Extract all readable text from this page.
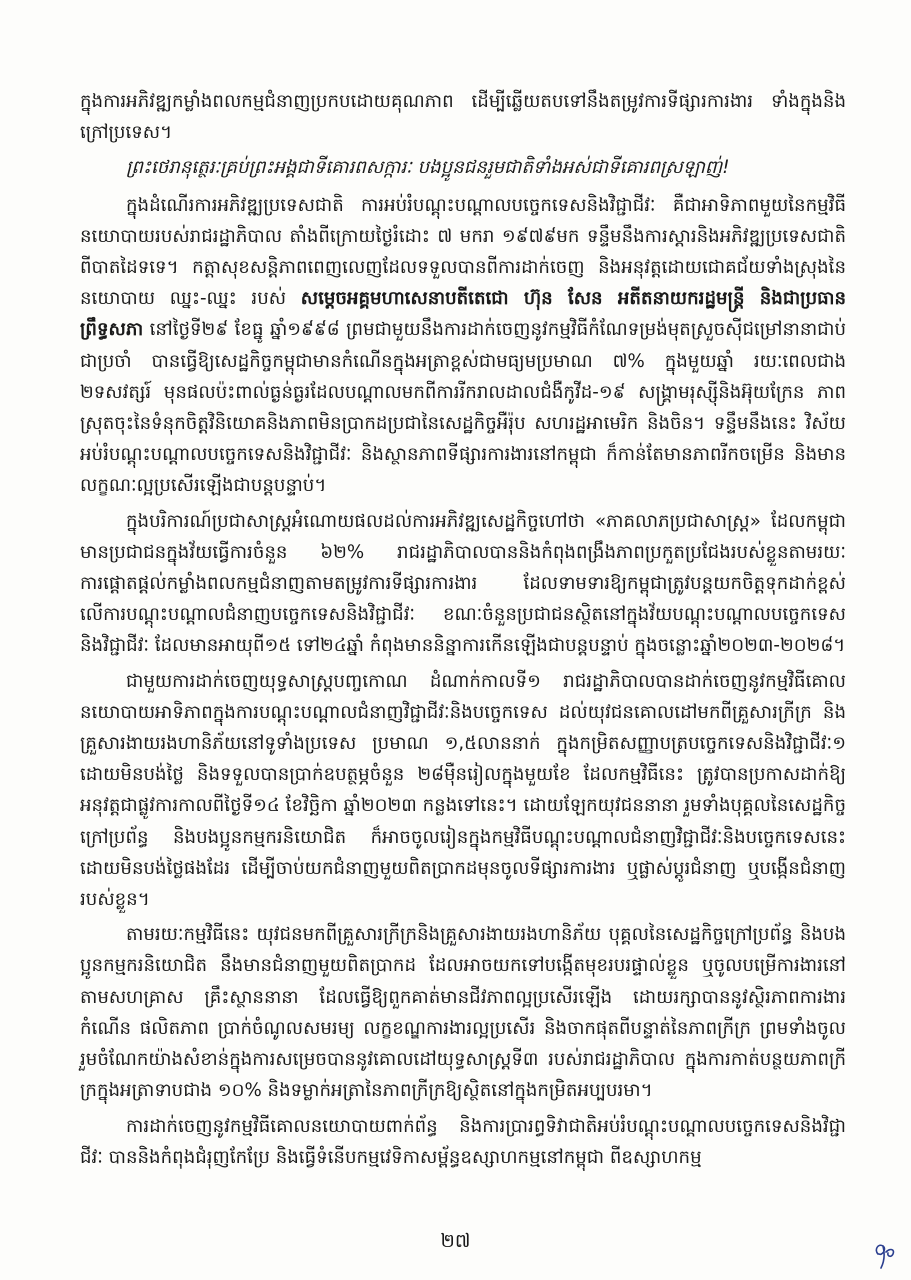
ក្នុងការអភិវឌ្ឍកម្លាំងពលកម្មជំនាញប្រកបដោយគុណភាព ដើម្បីឆ្លើយតបទៅនឹងតម្រូវការទីផ្សារការងារ ទាំងក្នុងនិងក្រៅប្រទេស។

ព្រះថេរានុត្ថេរៈគ្រប់ព្រះអង្គជាទីគោរពសក្ការៈ បងប្អូនជនរួមជាតិទាំងអស់ជាទីគោរពស្រឡាញ់!

ក្នុងដំណើរការអភិវឌ្ឍប្រទេសជាតិ ការអប់រំបណ្តុះបណ្តាលបច្ចេកទេសនិងវិជ្ជាជីវៈ គឺជាអាទិភាពមួយនៃកម្មវិធីនយោបាយរបស់រាជរដ្ឋាភិបាល តាំងពីក្រោយថ្ងៃរំដោះ ៧ មករា ១៩៧៩មក ទន្ទឹមនឹងការស្តារនិងអភិវឌ្ឍប្រទេសជាតិពីបាតដៃទទេ។ កត្តាសុខសន្តិភាពពេញលេញដែលទទួលបានពីការដាក់ចេញ និងអនុវត្តដោយជោគជ័យទាំងស្រុងនៃនយោបាយ ឈ្នះ-ឈ្នះ របស់ សម្តេចអគ្គមហាសេនាបតីតេជោ ហ៊ុន សែន អតីតនាយករដ្ឋមន្ត្រី និងជាប្រធានព្រឹទ្ធសភា នៅថ្ងៃទី២៩ ខែធ្នូ ឆ្នាំ១៩៩៨ ព្រមជាមួយនឹងការដាក់ចេញនូវកម្មវិធីកំណែទម្រង់មុតស្រួចស៊ីជម្រៅនានាជាប់ជាប្រចាំ បានធ្វើឱ្យសេដ្ឋកិច្ចកម្ពុជាមានកំណើនក្នុងអត្រាខ្ពស់ជាមធ្យមប្រមាណ ៧% ក្នុងមួយឆ្នាំ រយៈពេលជាង ២ទសវត្សរ៍ មុនផលប៉ះពាល់ធ្ងន់ធ្ងរដែលបណ្តាលមកពីការរីករាលដាលជំងឺកូវីដ-១៩ សង្គ្រាមរុស្ស៊ីនិងអ៊ុយក្រែន ភាពស្រុតចុះនៃទំនុកចិត្តវិនិយោគនិងភាពមិនប្រាកដប្រជានៃសេដ្ឋកិច្ចអឺរ៉ុប សហរដ្ឋអាមេរិក និងចិន។ ទន្ទឹមនឹងនេះ វិស័យអប់រំបណ្តុះបណ្តាលបច្ចេកទេសនិងវិជ្ជាជីវៈ និងស្ថានភាពទីផ្សារការងារនៅកម្ពុជា ក៏កាន់តែមានភាពរីកចម្រើន និងមានលក្ខណៈល្អប្រសើរឡើងជាបន្តបន្ទាប់។

ក្នុងបរិការណ៍ប្រជាសាស្ត្រអំណោយផលដល់ការអភិវឌ្ឍសេដ្ឋកិច្ចហៅថា «ភាគលាភប្រជាសាស្ត្រ» ដែលកម្ពុជាមានប្រជាជនក្នុងវ័យធ្វើការចំនួន ៦២% រាជរដ្ឋាភិបាលបាននិងកំពុងពង្រឹងភាពប្រកួតប្រជែងរបស់ខ្លួនតាមរយៈការផ្តោតផ្តល់កម្លាំងពលកម្មជំនាញតាមតម្រូវការទីផ្សារការងារ ដែលទាមទារឱ្យកម្ពុជាត្រូវបន្តយកចិត្តទុកដាក់ខ្ពស់លើការបណ្តុះបណ្តាលជំនាញបច្ចេកទេសនិងវិជ្ជាជីវៈ ខណៈចំនួនប្រជាជនស្ថិតនៅក្នុងវ័យបណ្តុះបណ្តាលបច្ចេកទេសនិងវិជ្ជាជីវៈ ដែលមានអាយុពី១៥ ទៅ២៤ឆ្នាំ កំពុងមាននិន្នាការកើនឡើងជាបន្តបន្ទាប់ ក្នុងចន្លោះឆ្នាំ២០២៣-២០២៨។

ជាមួយការដាក់ចេញយុទ្ធសាស្ត្របញ្ចកោណ ដំណាក់កាលទី១ រាជរដ្ឋាភិបាលបានដាក់ចេញនូវកម្មវិធីគោលនយោបាយអាទិភាពក្នុងការបណ្តុះបណ្តាលជំនាញវិជ្ជាជីវៈនិងបច្ចេកទេស ដល់យុវជនគោលដៅមកពីគ្រួសារក្រីក្រ និងគ្រួសារងាយរងហានិភ័យនៅទូទាំងប្រទេស ប្រមាណ ១,៥លាននាក់ ក្នុងកម្រិតសញ្ញាបត្របច្ចេកទេសនិងវិជ្ជាជីវៈ១ ដោយមិនបង់ថ្លៃ និងទទួលបានប្រាក់ឧបត្ថម្ភចំនួន ២៨ម៉ឺនរៀលក្នុងមួយខែ ដែលកម្មវិធីនេះ ត្រូវបានប្រកាសដាក់ឱ្យអនុវត្តជាផ្លូវការកាលពីថ្ងៃទី១៤ ខែវិច្ឆិកា ឆ្នាំ២០២៣ កន្លងទៅនេះ។ ដោយឡែកយុវជននានា រួមទាំងបុគ្គលនៃសេដ្ឋកិច្ចក្រៅប្រព័ន្ធ និងបងប្អូនកម្មករនិយោជិត ក៏អាចចូលរៀនក្នុងកម្មវិធីបណ្តុះបណ្តាលជំនាញវិជ្ជាជីវៈនិងបច្ចេកទេសនេះដោយមិនបង់ថ្លៃផងដែរ ដើម្បីចាប់យកជំនាញមួយពិតប្រាកដមុនចូលទីផ្សារការងារ ឬផ្លាស់ប្តូរជំនាញ ឬបង្កើនជំនាញរបស់ខ្លួន។

តាមរយៈកម្មវិធីនេះ យុវជនមកពីគ្រួសារក្រីក្រនិងគ្រួសារងាយរងហានិភ័យ បុគ្គលនៃសេដ្ឋកិច្ចក្រៅប្រព័ន្ធ និងបងប្អូនកម្មករនិយោជិត នឹងមានជំនាញមួយពិតប្រាកដ ដែលអាចយកទៅបង្កើតមុខរបរផ្ទាល់ខ្លួន ឬចូលបម្រើការងារនៅតាមសហគ្រាស គ្រឹះស្ថាននានា ដែលធ្វើឱ្យពួកគាត់មានជីវភាពល្អប្រសើរឡើង ដោយរក្សាបាននូវស្ថិរភាពការងារ កំណើន ផលិតភាព ប្រាក់ចំណូលសមរម្យ លក្ខខណ្ឌការងារល្អប្រសើរ និងចាកផុតពីបន្ទាត់នៃភាពក្រីក្រ ព្រមទាំងចូលរួមចំណែកយ៉ាងសំខាន់ក្នុងការសម្រេចបាននូវគោលដៅយុទ្ធសាស្ត្រទី៣ របស់រាជរដ្ឋាភិបាល ក្នុងការកាត់បន្ថយភាពក្រីក្រក្នុងអត្រាទាបជាង ១០% និងទម្លាក់អត្រានៃភាពក្រីក្រឱ្យស្ថិតនៅក្នុងកម្រិតអប្បបរមា។

ការដាក់ចេញនូវកម្មវិធីគោលនយោបាយពាក់ព័ន្ធ និងការប្រារព្ធទិវាជាតិអប់រំបណ្តុះបណ្តាលបច្ចេកទេសនិងវិជ្ជាជីវៈ បាននិងកំពុងជំរុញកែប្រែ និងធ្វើទំនើបកម្មវេទិកាសម្ព័ន្ធឧស្សាហកម្មនៅកម្ពុជា ពីឧស្សាហកម្ម

២៧
